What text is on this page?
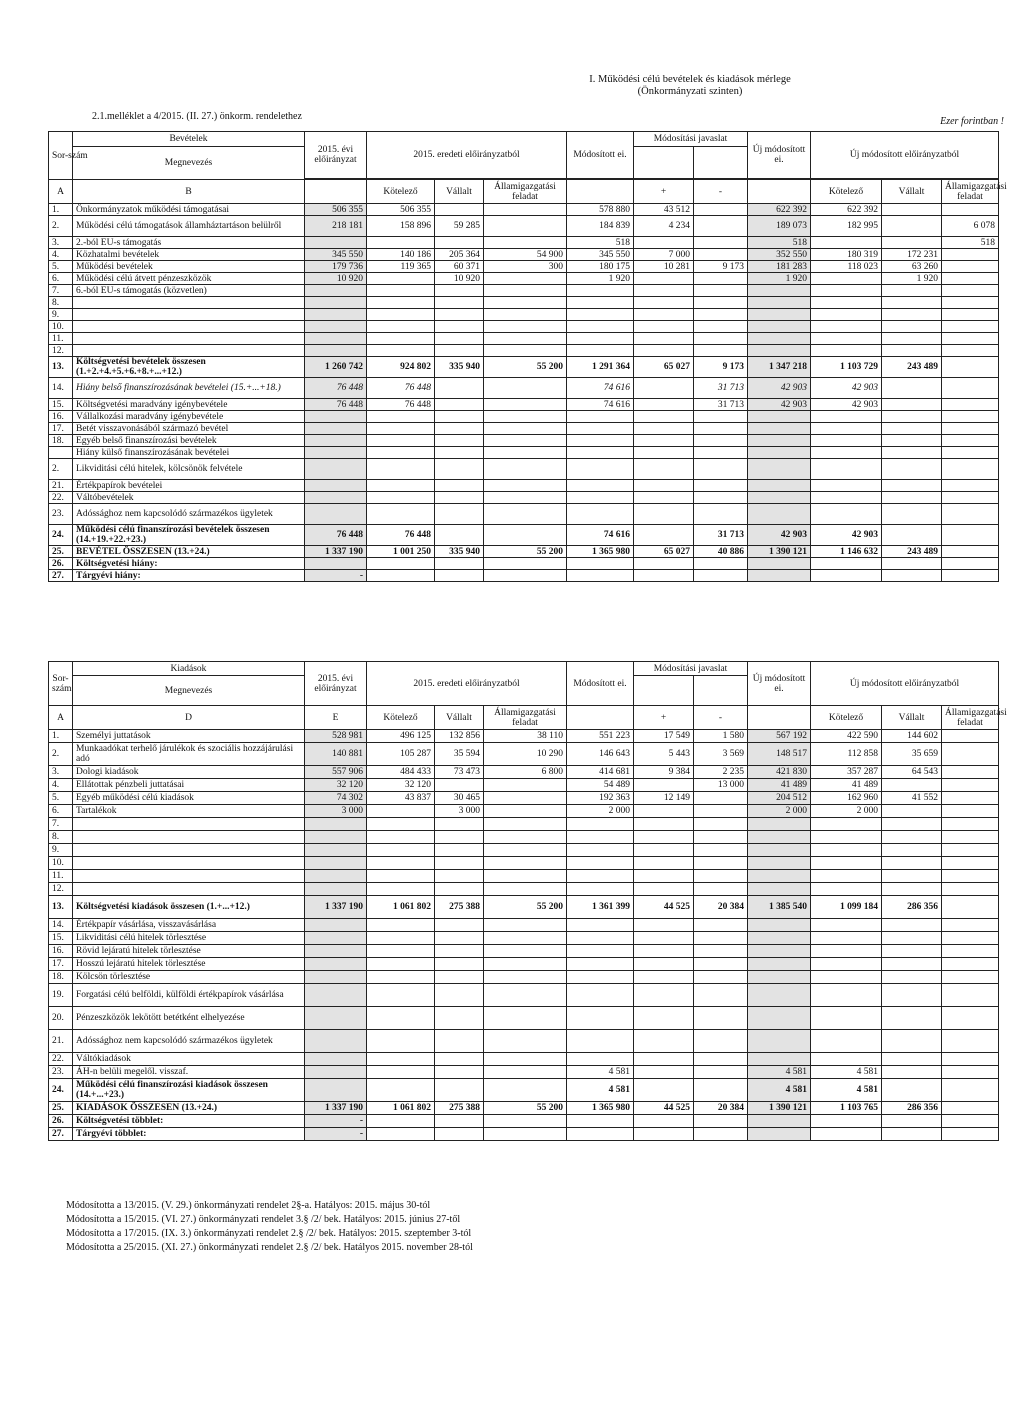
I. Működési célú bevételek és kiadások mérlege
(Önkormányzati szinten)
2.1.melléklet a 4/2015. (II. 27.) önkorm. rendelethez	Ezer forintban !
Sor-szám	Bevételek	2015. évi előirányzat	2015. eredeti előirányzatból			Módosított ei.	Módosítási javaslat		Új módosított ei.	Új módosított előirányzatból		
	Megnevezés											

A	B		Kötelező	Vállalt	Államigazgatási feladat		+	-		Kötelező	Vállalt	Államigazgatási feladat
1.	Önkormányzatok működési támogatásai	506 355	506 355			578 880	43 512		622 392	622 392		
2.	Működési célú támogatások államháztartáson belülről	218 181	158 896	59 285		184 839	4 234		189 073	182 995		6 078
3.	2.-ból EU-s támogatás					518			518			518
4.	Közhatalmi bevételek	345 550	140 186	205 364	54 900	345 550	7 000		352 550	180 319	172 231	
5.	Működési bevételek	179 736	119 365	60 371	300	180 175	10 281	9 173	181 283	118 023	63 260	
6.	Működési célú átvett pénzeszközök	10 920		10 920		1 920			1 920		1 920	
7.	6.-ból EU-s támogatás (közvetlen)											
8.												
9.												
10.												
11.												
12.												
13.	Költségvetési bevételek összesen (1.+2.+4.+5.+6.+8.+...+12.)	1 260 742	924 802	335 940	55 200	1 291 364	65 027	9 173	1 347 218	1 103 729	243 489	
14.	Hiány belső finanszírozásának bevételei (15.+...+18.)	76 448	76 448			74 616		31 713	42 903	42 903		
15.	Költségvetési maradvány igénybevétele	76 448	76 448			74 616		31 713	42 903	42 903		
16.	Vállalkozási maradvány igénybevétele											
17.	Betét visszavonásából származó bevétel											
18.	Egyéb belső finanszírozási bevételek											
	Hiány külső finanszírozásának bevételei											
2.	Likviditási célú hitelek, kölcsönök felvétele											
21.	Értékpapírok bevételei											
22.	Váltóbevételek											
23.	Adóssághoz nem kapcsolódó származékos ügyletek											
24.	Működési célú finanszírozási bevételek összesen (14.+19.+22.+23.)	76 448	76 448			74 616		31 713	42 903	42 903		
25.	BEVÉTEL ÖSSZESEN (13.+24.)	1 337 190	1 001 250	335 940	55 200	1 365 980	65 027	40 886	1 390 121	1 146 632	243 489	
26.	Költségvetési hiány:											
27.	Tárgyévi hiány:	-										
Sor-szám	Kiadások	2015. évi előirányzat	2015. eredeti előirányzatból			Módosított ei.	Módosítási javaslat		Új módosított ei.	Új módosított előirányzatból		
	Megnevezés											
A	D	E	Kötelező	Vállalt	Államigazgatási feladat		+	-		Kötelező	Vállalt	Államigazgatási feladat
1.	Személyi juttatások	528 981	496 125	132 856	38 110	551 223	17 549	1 580	567 192	422 590	144 602	
2.	Munkaadókat terhelő járulékok és szociális hozzájárulási adó	140 881	105 287	35 594	10 290	146 643	5 443	3 569	148 517	112 858	35 659	
3.	Dologi kiadások	557 906	484 433	73 473	6 800	414 681	9 384	2 235	421 830	357 287	64 543	
4.	Ellátottak pénzbeli juttatásai	32 120	32 120			54 489		13 000	41 489	41 489		
5.	Egyéb működési célú kiadások	74 302	43 837	30 465		192 363	12 149		204 512	162 960	41 552	
6.	Tartalékok	3 000		3 000		2 000			2 000	2 000		
7.												
8.												
9.												
10.												
11.												
12.												
13.	Költségvetési kiadások összesen (1.+...+12.)	1 337 190	1 061 802	275 388	55 200	1 361 399	44 525	20 384	1 385 540	1 099 184	286 356	
14.	Értékpapír vásárlása, visszavásárlása											
15.	Likviditási célú hitelek törlesztése											
16.	Rövid lejáratú hitelek törlesztése											
17.	Hosszú lejáratú hitelek törlesztése											
18.	Kölcsön törlesztése											
19.	Forgatási célú belföldi, külföldi értékpapírok vásárlása											
20.	Pénzeszközök lekötött betétként elhelyezése											
21.	Adóssághoz nem kapcsolódó származékos ügyletek											
22.	Váltókiadások											
23.	ÁH-n belüli megelől. visszaf.					4 581			4 581	4 581		
24.	Működési célú finanszírozási kiadások összesen (14.+...+23.)					4 581			4 581	4 581		
25.	KIADÁSOK ÖSSZESEN (13.+24.)	1 337 190	1 061 802	275 388	55 200	1 365 980	44 525	20 384	1 390 121	1 103 765	286 356	
26.	Költségvetési többlet:	-										
27.	Tárgyévi többlet:	-										
Módosította a 13/2015. (V. 29.) önkormányzati rendelet 2§-a. Hatályos: 2015. május 30-tól
Módosította a 15/2015. (VI. 27.) önkormányzati rendelet 3.§ /2/ bek. Hatályos: 2015. június 27-től
Módosította a 17/2015. (IX. 3.) önkormányzati rendelet 2.§ /2/ bek. Hatályos: 2015. szeptember 3-tól
Módosította a 25/2015. (XI. 27.) önkormányzati rendelet 2.§ /2/ bek. Hatályos 2015. november 28-tól
